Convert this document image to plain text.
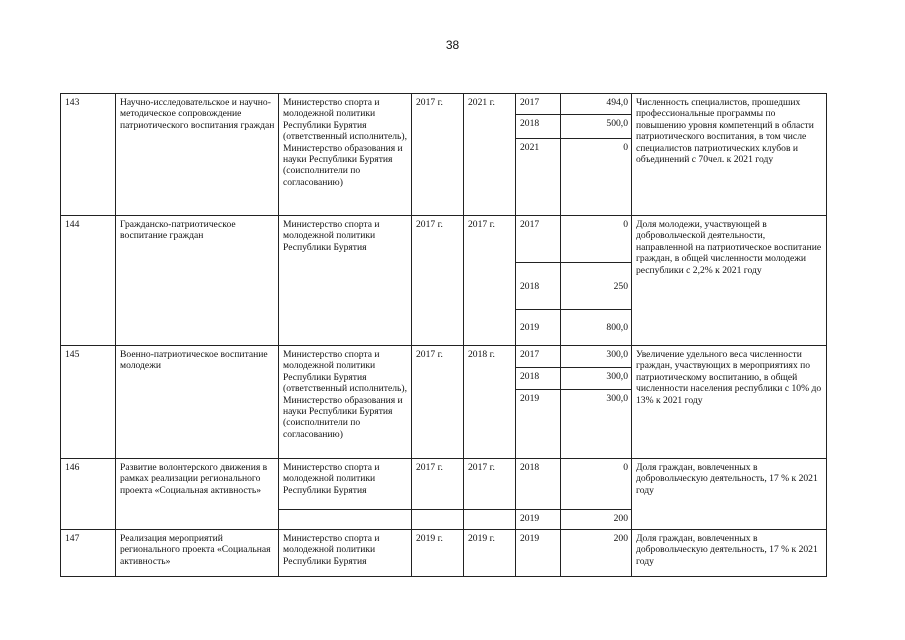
38
143	Научно-исследовательское и научно-методическое сопровождение патриотического воспитания граждан	Министерство спорта и молодежной политики Республики Бурятия (ответственный исполнитель), Министерство образования и науки Республики Бурятия (соисполнители по согласованию)	2017 г.	2021 г.	2017	494,0	Численность специалистов, прошедших профессиональные программы по повышению уровня компетенций в области патриотического воспитания, в том числе специалистов патриотических клубов и объединений с 70чел. к 2021 году
					2018	500,0	
					2021	0	
144	Гражданско-патриотическое воспитание граждан	Министерство спорта и молодежной политики Республики Бурятия	2017 г.	2017 г.	2017	0	Доля молодежи, участвующей в добровольческой деятельности, направленной на патриотическое воспитание граждан, в общей численности молодежи республики с 2,2% к 2021 году
					2018	250	
					2019	800,0	
145	Военно-патриотическое воспитание молодежи	Министерство спорта и молодежной политики Республики Бурятия (ответственный исполнитель), Министерство образования и науки Республики Бурятия (соисполнители по согласованию)	2017 г.	2018 г.	2017	300,0	Увеличение удельного веса численности граждан, участвующих в мероприятиях по патриотическому воспитанию, в общей численности населения республики с 10% до 13% к 2021 году
					2018	300,0	
					2019	300,0	
146	Развитие волонтерского движения в рамках реализации регионального проекта «Социальная активность»	Министерство спорта и молодежной политики Республики Бурятия	2017 г.	2017 г.	2018	0	Доля граждан, вовлеченных в добровольческую деятельность, 17 % к 2021 году
					2019	200	
147	Реализация мероприятий регионального проекта «Социальная активность»	Министерство спорта и молодежной политики Республики Бурятия	2019 г.	2019 г.	2019	200	Доля граждан, вовлеченных в добровольческую деятельность, 17 % к 2021 году
